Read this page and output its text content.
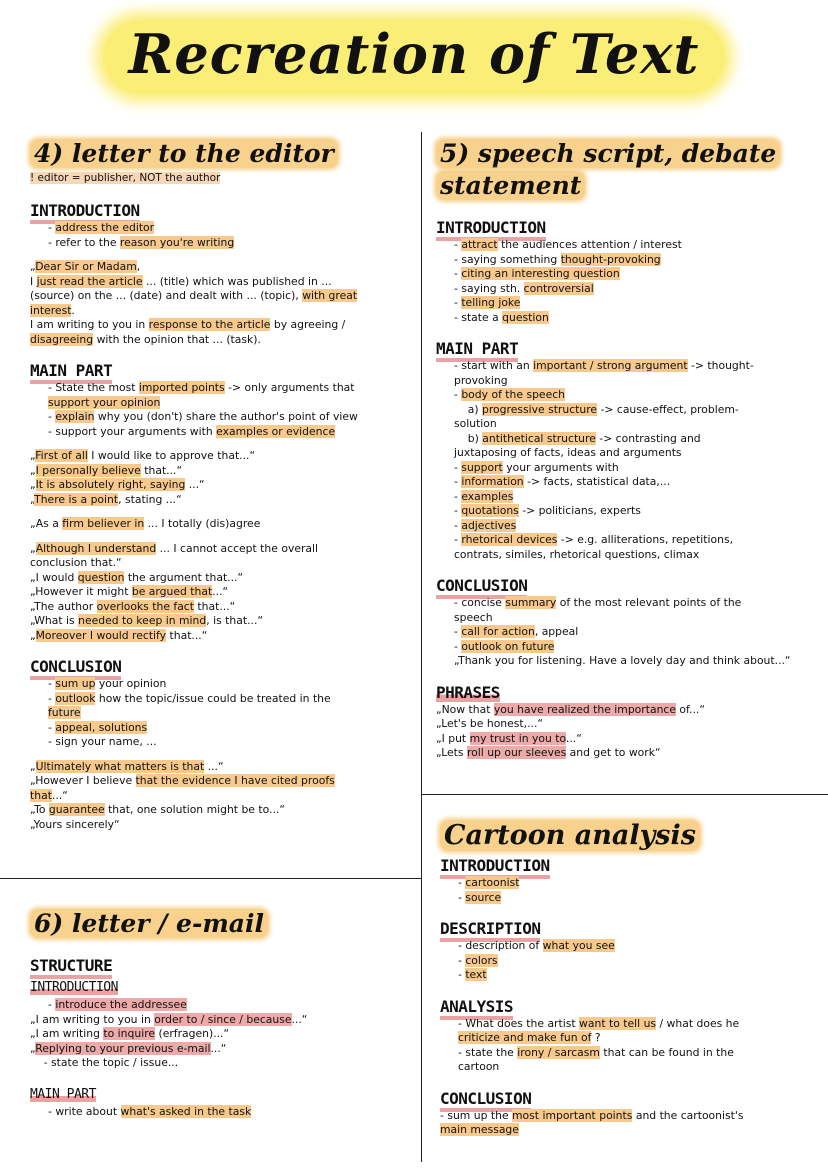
Recreation of Text
4) letter to the editor
! editor = publisher, NOT the author
INTRODUCTION
- address the editor
- refer to the reason you're writing
„Dear Sir or Madam,
I just read the article ... (title) which was published in ...
(source) on the ... (date) and dealt with ... (topic), with great
interest.
I am writing to you in response to the article by agreeing /
disagreeing with the opinion that ... (task).
MAIN PART
- State the most imported points -> only arguments that
support your opinion
- explain why you (don't) share the author's point of view
- support your arguments with examples or evidence
„First of all I would like to approve that...“
„I personally believe that...“
„It is absolutely right, saying ...“
„There is a point, stating ...“
„As a firm believer in ... I totally (dis)agree
„Although I understand ... I cannot accept the overall
conclusion that.“
„I would question the argument that...“
„However it might be argued that...“
„The author overlooks the fact that...“
„What is needed to keep in mind, is that...“
„Moreover I would rectify that...“
CONCLUSION
- sum up your opinion
- outlook how the topic/issue could be treated in the
future
- appeal, solutions
- sign your name, ...
„Ultimately what matters is that ...“
„However I believe that the evidence I have cited proofs
that...“
„To guarantee that, one solution might be to...“
„Yours sincerely“
5) speech script, debate
statement
INTRODUCTION
- attract the audiences attention / interest
- saying something thought-provoking
- citing an interesting question
- saying sth. controversial
- telling joke
- state a question
MAIN PART
- start with an important / strong argument -> thought-
provoking
- body of the speech
a) progressive structure -> cause-effect, problem-
solution
b) antithetical structure -> contrasting and
juxtaposing of facts, ideas and arguments
- support your arguments with
- information -> facts, statistical data,...
- examples
- quotations -> politicians, experts
- adjectives
- rhetorical devices -> e.g. alliterations, repetitions,
contrats, similes, rhetorical questions, climax
CONCLUSION
- concise summary of the most relevant points of the
speech
- call for action, appeal
- outlook on future
„Thank you for listening. Have a lovely day and think about...“
PHRASES
„Now that you have realized the importance of...“
„Let's be honest,...“
„I put my trust in you to...“
„Lets roll up our sleeves and get to work“
6) letter / e-mail
STRUCTURE
INTRODUCTION
- introduce the addressee
„I am writing to you in order to / since / because...“
„I am writing to inquire (erfragen)...“
„Replying to your previous e-mail...“
- state the topic / issue...
MAIN PART
- write about what's asked in the task
Cartoon analysis
INTRODUCTION
- cartoonist
- source
DESCRIPTION
- description of what you see
- colors
- text
ANALYSIS
- What does the artist want to tell us / what does he
criticize and make fun of ?
- state the irony / sarcasm that can be found in the
cartoon
CONCLUSION
- sum up the most important points and the cartoonist's
main message
